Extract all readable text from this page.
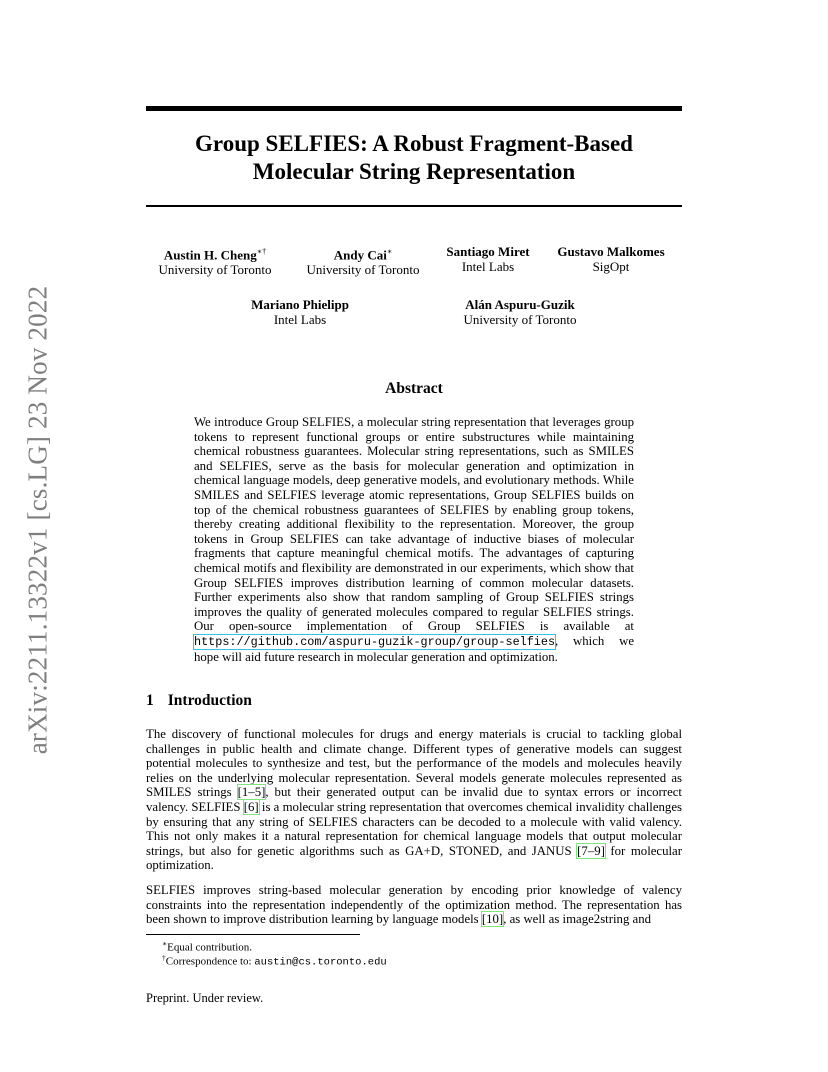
arXiv:2211.13322v1 [cs.LG] 23 Nov 2022
Group SELFIES: A Robust Fragment-Based
Molecular String Representation
Austin H. Cheng∗†
University of Toronto
Andy Cai∗
University of Toronto
Santiago Miret
Intel Labs
Gustavo Malkomes
SigOpt
Mariano Phielipp
Intel Labs
Alán Aspuru-Guzik
University of Toronto
Abstract
We introduce Group SELFIES, a molecular string representation that leverages group tokens to represent functional groups or entire substructures while maintaining chemical robustness guarantees. Molecular string representations, such as SMILES and SELFIES, serve as the basis for molecular generation and optimization in chemical language models, deep generative models, and evolutionary methods. While SMILES and SELFIES leverage atomic representations, Group SELFIES builds on top of the chemical robustness guarantees of SELFIES by enabling group tokens, thereby creating additional flexibility to the representation. Moreover, the group tokens in Group SELFIES can take advantage of inductive biases of molecular fragments that capture meaningful chemical motifs. The advantages of capturing chemical motifs and flexibility are demonstrated in our experiments, which show that Group SELFIES improves distribution learning of common molecular datasets. Further experiments also show that random sampling of Group SELFIES strings improves the quality of generated molecules compared to regular SELFIES strings. Our open-source implementation of Group SELFIES is available at https://github.com/aspuru-guzik-group/group-selfies, which we hope will aid future research in molecular generation and optimization.
1 Introduction
The discovery of functional molecules for drugs and energy materials is crucial to tackling global challenges in public health and climate change. Different types of generative models can suggest potential molecules to synthesize and test, but the performance of the models and molecules heavily relies on the underlying molecular representation. Several models generate molecules represented as SMILES strings [1–5], but their generated output can be invalid due to syntax errors or incorrect valency. SELFIES [6] is a molecular string representation that overcomes chemical invalidity challenges by ensuring that any string of SELFIES characters can be decoded to a molecule with valid valency. This not only makes it a natural representation for chemical language models that output molecular strings, but also for genetic algorithms such as GA+D, STONED, and JANUS [7–9] for molecular optimization.
SELFIES improves string-based molecular generation by encoding prior knowledge of valency constraints into the representation independently of the optimization method. The representation has been shown to improve distribution learning by language models [10], as well as image2string and
∗Equal contribution.
†Correspondence to: austin@cs.toronto.edu
Preprint. Under review.
